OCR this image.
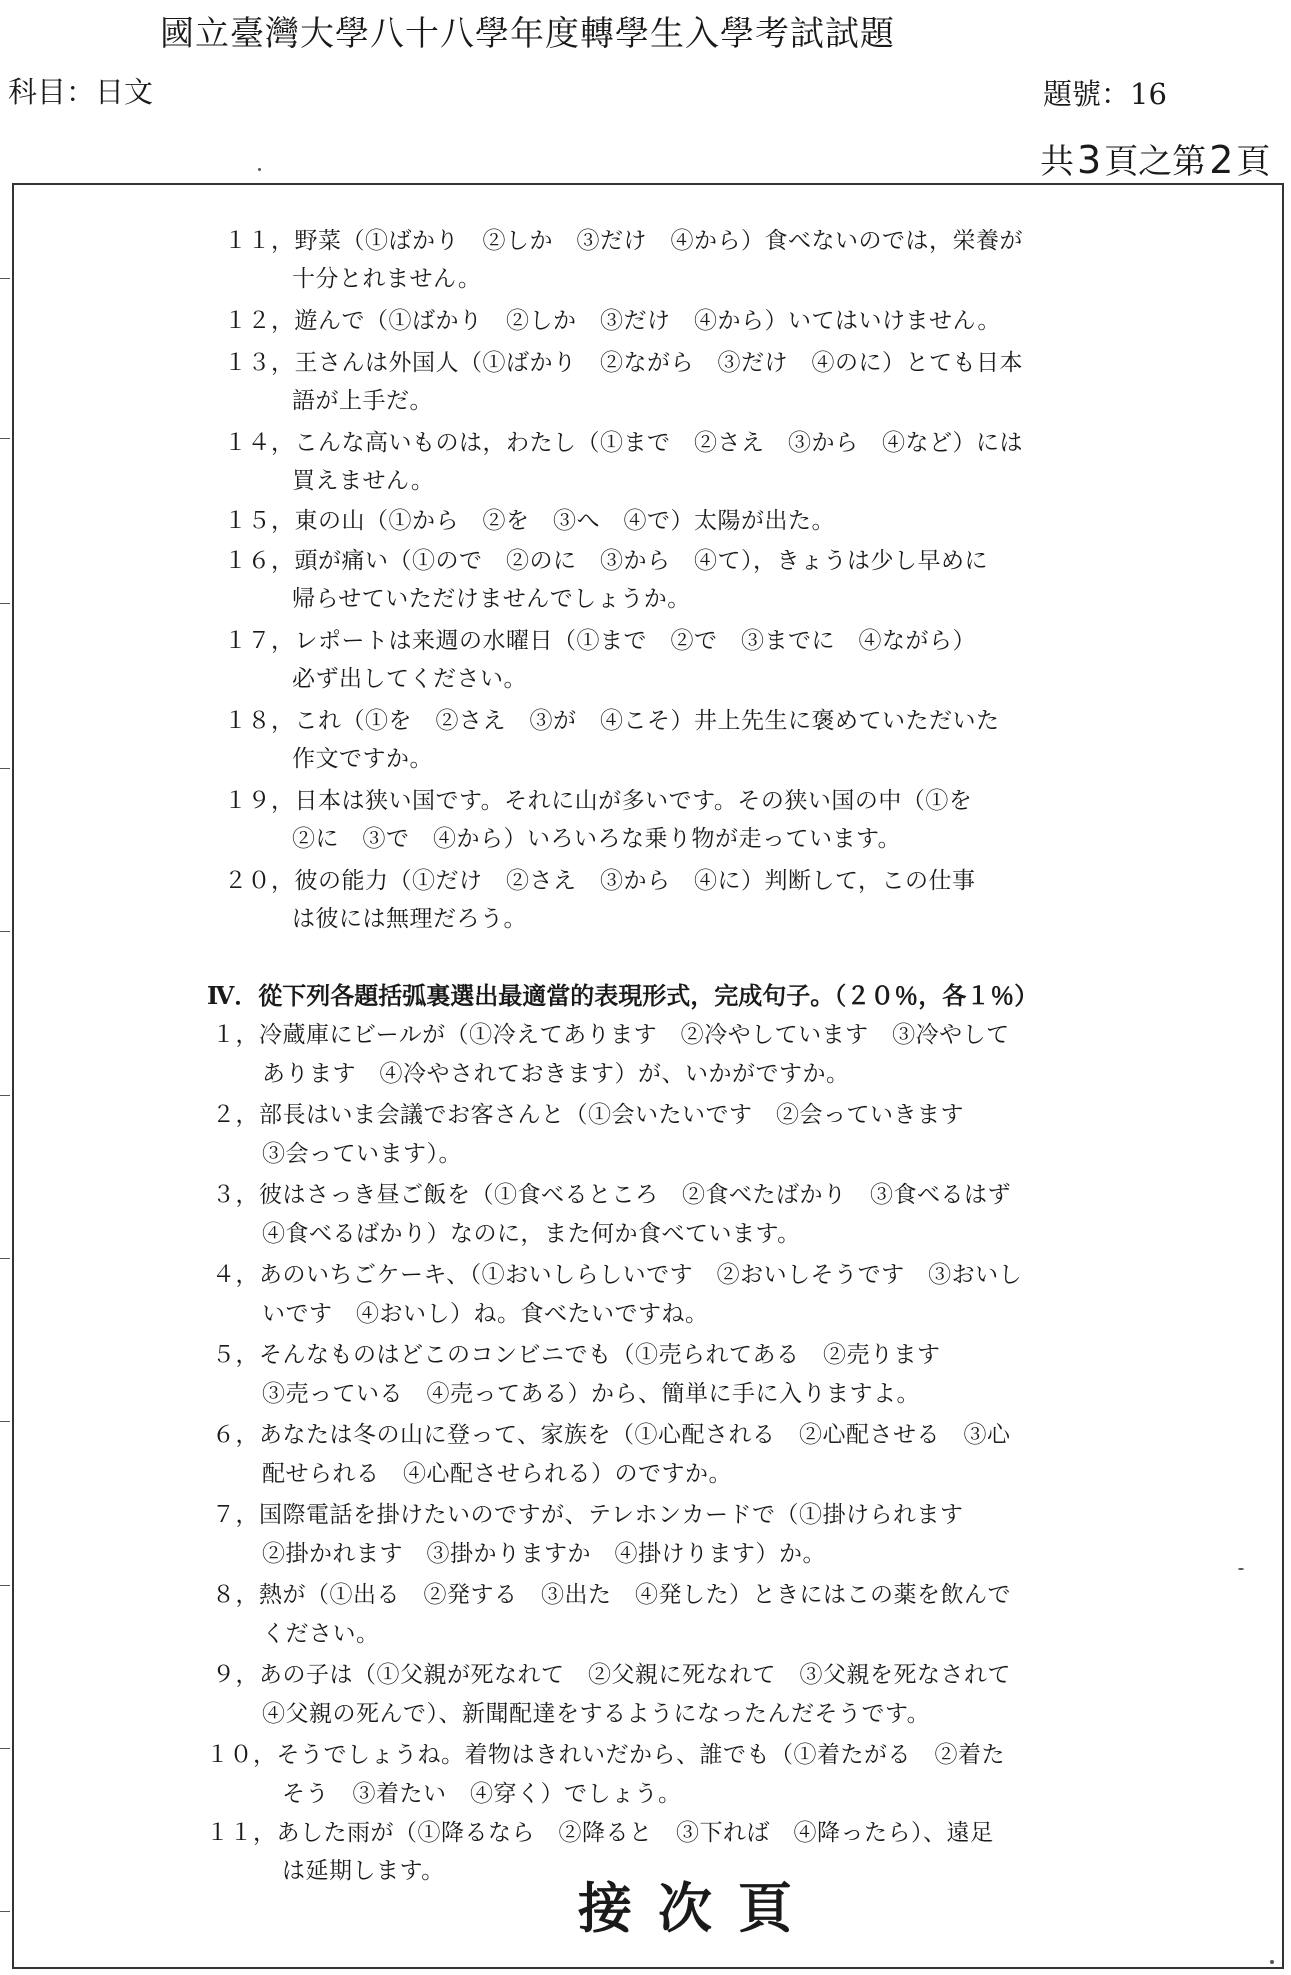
國立臺灣大學八十八學年度轉學生入學考試試題
科目：日文	題號：16
共3頁之第2頁
１１，野菜（①ばかり　②しか　③だけ　④から）食べないのでは，栄養が
十分とれません。
１２，遊んで（①ばかり　②しか　③だけ　④から）いてはいけません。
１３，王さんは外国人（①ばかり　②ながら　③だけ　④のに）とても日本
語が上手だ。
１４，こんな高いものは，わたし（①まで　②さえ　③から　④など）には
買えません。
１５，東の山（①から　②を　③へ　④で）太陽が出た。
１６，頭が痛い（①ので　②のに　③から　④て），きょうは少し早めに
帰らせていただけませんでしょうか。
１７，レポートは来週の水曜日（①まで　②で　③までに　④ながら）
必ず出してください。
１８，これ（①を　②さえ　③が　④こそ）井上先生に褒めていただいた
作文ですか。
１９，日本は狭い国です。それに山が多いです。その狭い国の中（①を
②に　③で　④から）いろいろな乗り物が走っています。
２０，彼の能力（①だけ　②さえ　③から　④に）判断して，この仕事
は彼には無理だろう。
Ⅳ．從下列各題括弧裏選出最適當的表現形式，完成句子。（２０％，各１％）
１，冷蔵庫にビールが（①冷えてあります　②冷やしています　③冷やして
あります　④冷やされておきます）が、いかがですか。
２，部長はいま会議でお客さんと（①会いたいです　②会っていきます
③会っています）。
３，彼はさっき昼ご飯を（①食べるところ　②食べたばかり　③食べるはず
④食べるばかり）なのに，また何か食べています。
４，あのいちごケーキ、（①おいしらしいです　②おいしそうです　③おいし
いです　④おいし）ね。食べたいですね。
５，そんなものはどこのコンビニでも（①売られてある　②売ります
③売っている　④売ってある）から、簡単に手に入りますよ。
６，あなたは冬の山に登って、家族を（①心配される　②心配させる　③心
配せられる　④心配させられる）のですか。
７，国際電話を掛けたいのですが、テレホンカードで（①掛けられます
②掛かれます　③掛かりますか　④掛けります）か。
８，熱が（①出る　②発する　③出た　④発した）ときにはこの薬を飲んで
ください。
９，あの子は（①父親が死なれて　②父親に死なれて　③父親を死なされて
④父親の死んで）、新聞配達をするようになったんだそうです。
１０，そうでしょうね。着物はきれいだから、誰でも（①着たがる　②着た
そう　③着たい　④穿く）でしょう。
１１，あした雨が（①降るなら　②降ると　③下れば　④降ったら）、遠足
は延期します。
接次頁
